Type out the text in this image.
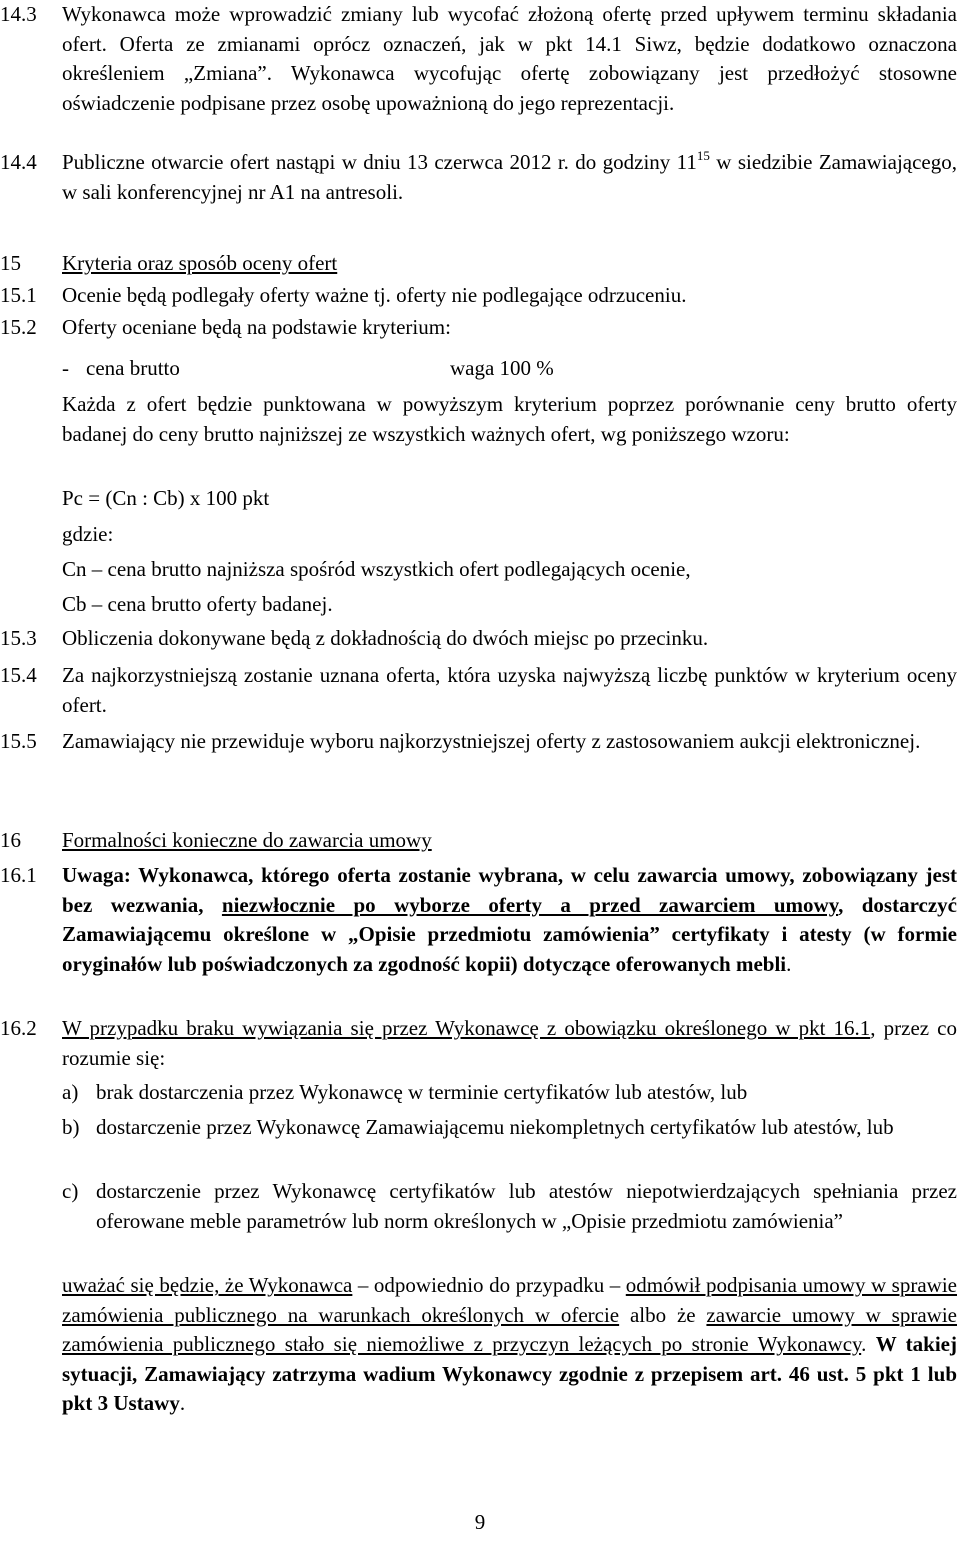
14.3 Wykonawca może wprowadzić zmiany lub wycofać złożoną ofertę przed upływem terminu składania ofert. Oferta ze zmianami oprócz oznaczeń, jak w pkt 14.1 Siwz, będzie dodatkowo oznaczona określeniem „Zmiana”. Wykonawca wycofując ofertę zobowiązany jest przedłożyć stosowne oświadczenie podpisane przez osobę upoważnioną do jego reprezentacji.
14.4 Publiczne otwarcie ofert nastąpi w dniu 13 czerwca 2012 r. do godziny $11^{15}$ w siedzibie Zamawiającego, w sali konferencyjnej nr A1 na antresoli.
15 Kryteria oraz sposób oceny ofert
15.1 Ocenie będą podlegały oferty ważne tj. oferty nie podlegające odrzuceniu.
15.2 Oferty oceniane będą na podstawie kryterium:
- cena brutto	waga 100 %
Każda z ofert będzie punktowana w powyższym kryterium poprzez porównanie ceny brutto oferty badanej do ceny brutto najniższej ze wszystkich ważnych ofert, wg poniższego wzoru:
Pc = (Cn : Cb) x 100 pkt
gdzie:
Cn – cena brutto najniższa spośród wszystkich ofert podlegających ocenie,
Cb – cena brutto oferty badanej.
15.3 Obliczenia dokonywane będą z dokładnością do dwóch miejsc po przecinku.
15.4 Za najkorzystniejszą zostanie uznana oferta, która uzyska najwyższą liczbę punktów w kryterium oceny ofert.
15.5 Zamawiający nie przewiduje wyboru najkorzystniejszej oferty z zastosowaniem aukcji elektronicznej.
16 Formalności konieczne do zawarcia umowy
16.1 Uwaga: Wykonawca, którego oferta zostanie wybrana, w celu zawarcia umowy, zobowiązany jest bez wezwania, niezwłocznie po wyborze oferty a przed zawarciem umowy, dostarczyć Zamawiającemu określone w „Opisie przedmiotu zamówienia” certyfikaty i atesty (w formie oryginałów lub poświadczonych za zgodność kopii) dotyczące oferowanych mebli.
16.2 W przypadku braku wywiązania się przez Wykonawcę z obowiązku określonego w pkt 16.1, przez co rozumie się:
a) brak dostarczenia przez Wykonawcę w terminie certyfikatów lub atestów, lub
b) dostarczenie przez Wykonawcę Zamawiającemu niekompletnych certyfikatów lub atestów, lub
c) dostarczenie przez Wykonawcę certyfikatów lub atestów niepotwierdzających spełniania przez oferowane meble parametrów lub norm określonych w „Opisie przedmiotu zamówienia”
uważać się będzie, że Wykonawca – odpowiednio do przypadku – odmówił podpisania umowy w sprawie zamówienia publicznego na warunkach określonych w ofercie albo że zawarcie umowy w sprawie zamówienia publicznego stało się niemożliwe z przyczyn leżących po stronie Wykonawcy. W takiej sytuacji, Zamawiający zatrzyma wadium Wykonawcy zgodnie z przepisem art. 46 ust. 5 pkt 1 lub pkt 3 Ustawy.
9
